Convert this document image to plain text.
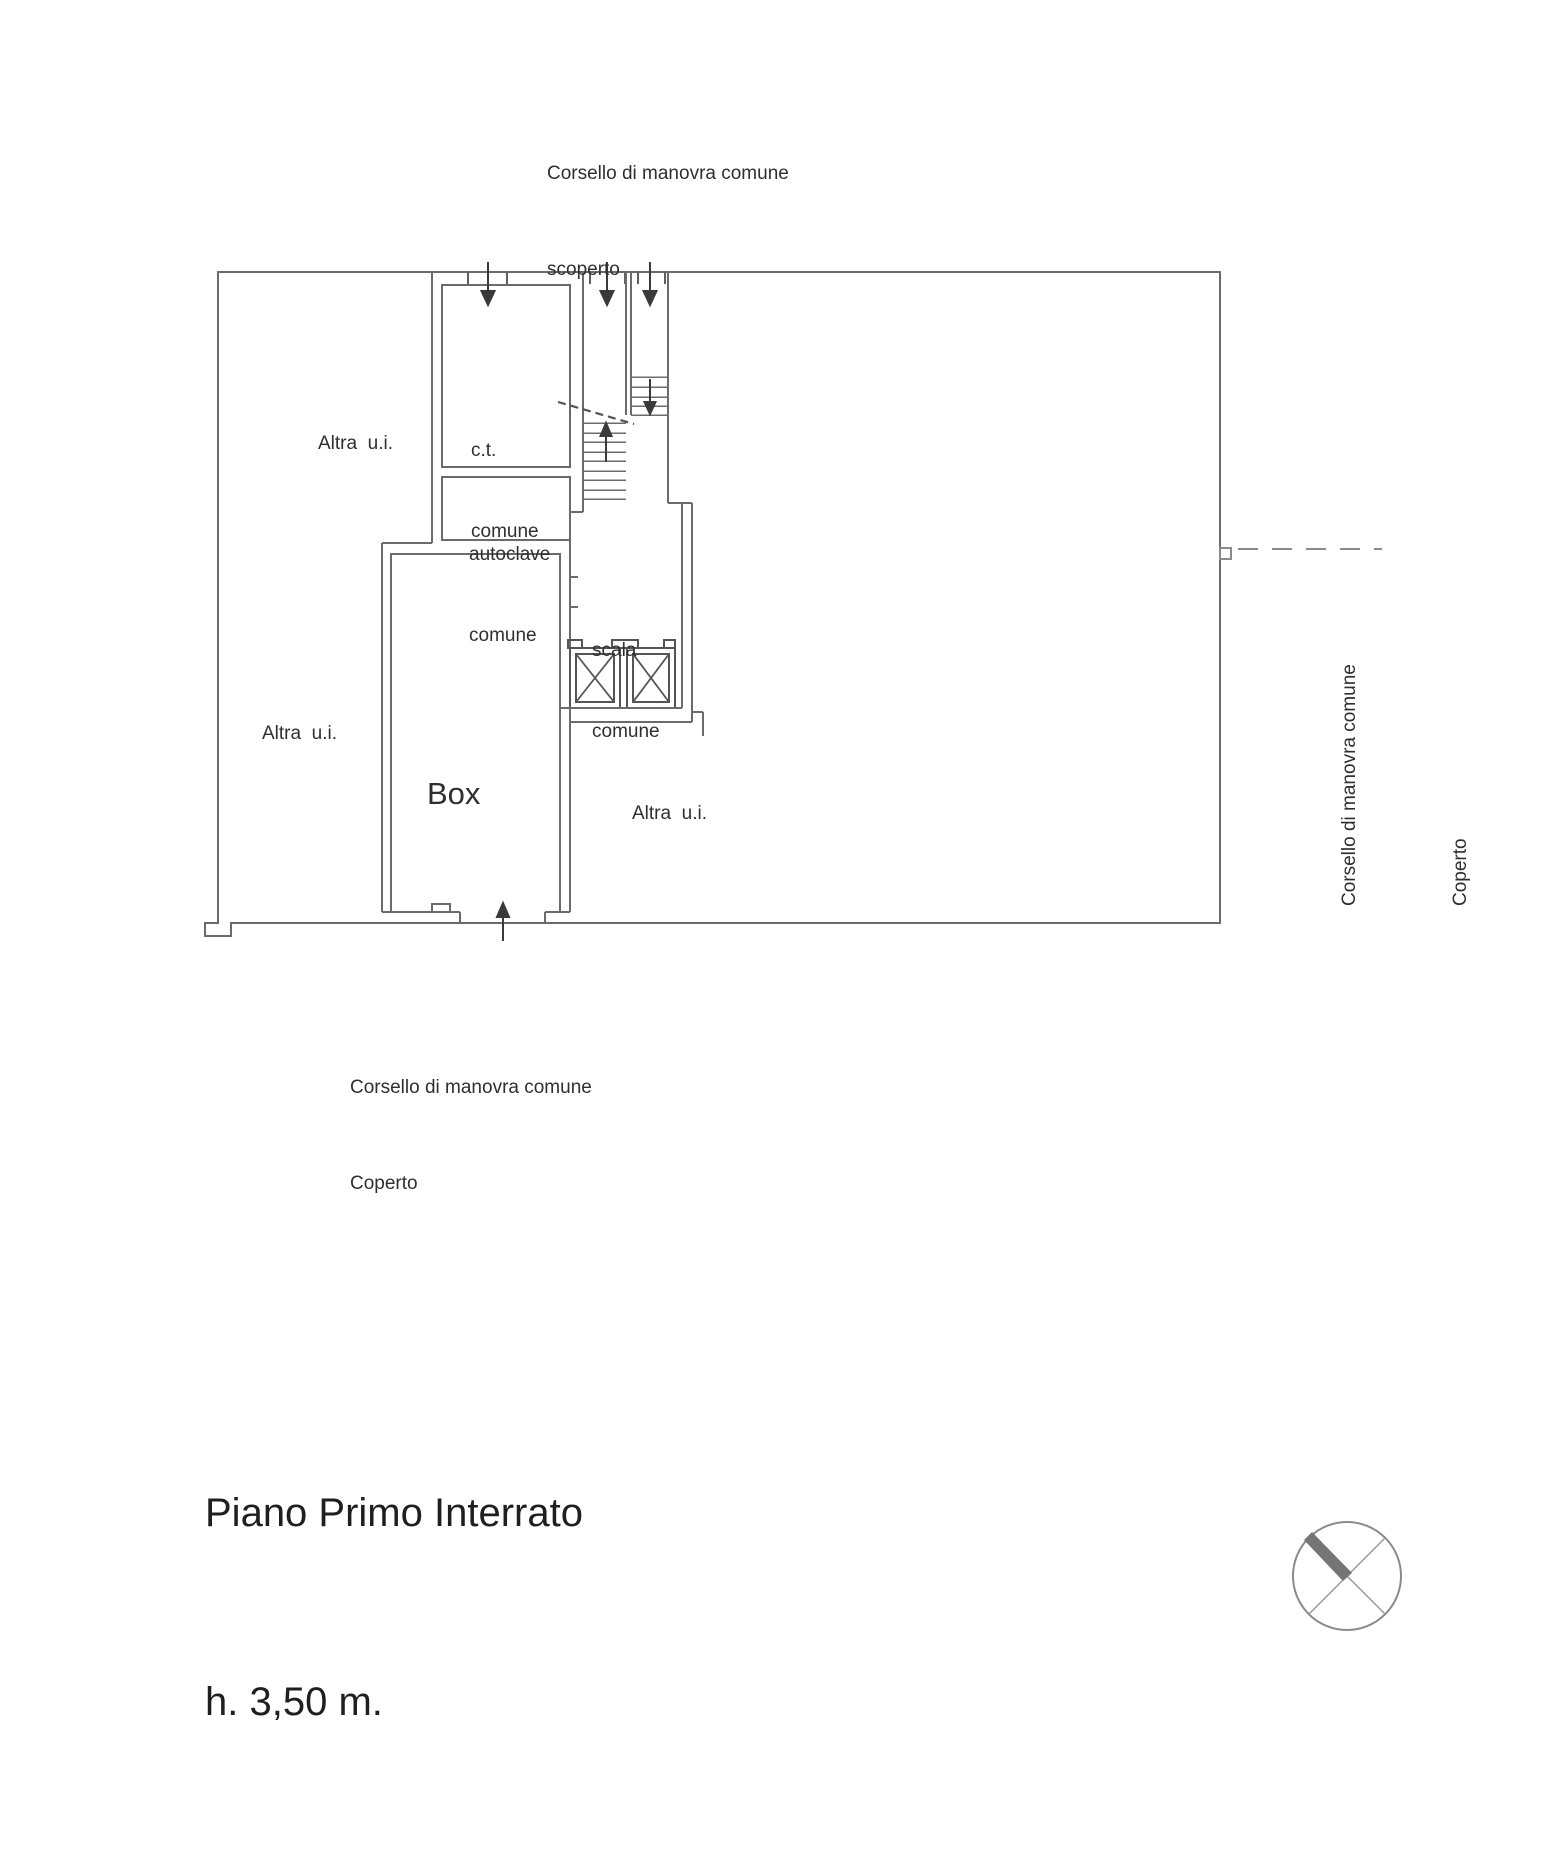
Corsello di manovra comune

scoperto

Altra  u.i.

	c.t.

comune

autoclave

comune

scala

comune

Altra  u.i.
Box
Altra  u.i.

Corsello di manovra comune

Coperto

Corsello di manovra comune

	Coperto

Piano Primo Interrato

h. 3,50 m.
